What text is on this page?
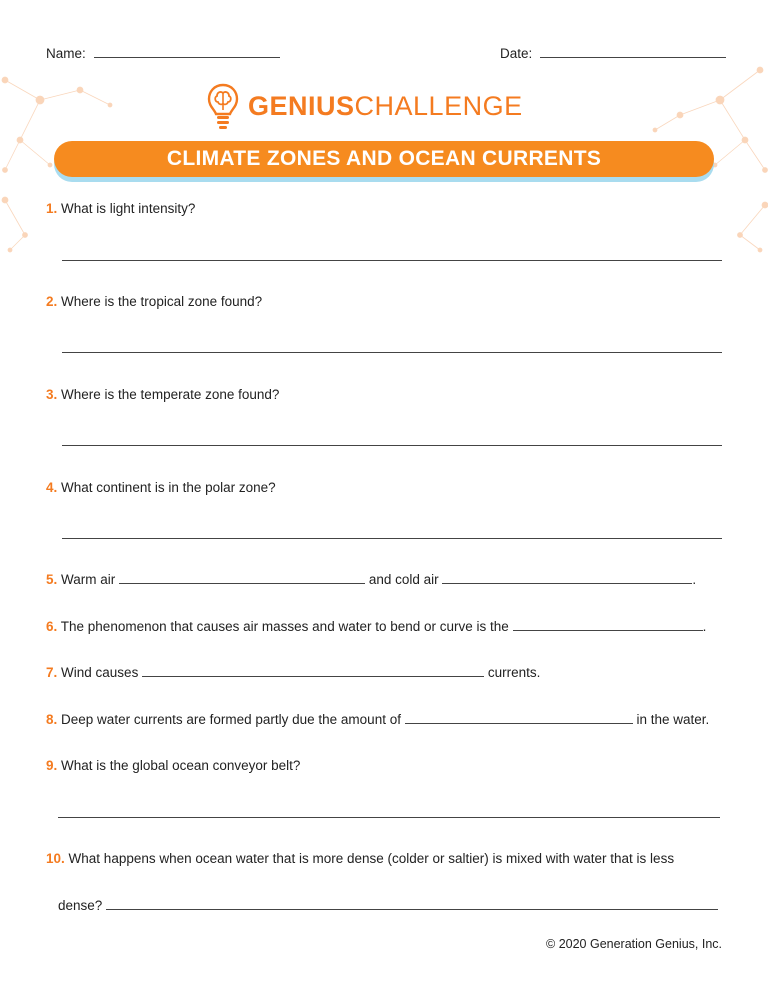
Name:	Date:
GENIUSCHALLENGE
CLIMATE ZONES AND OCEAN CURRENTS
1. What is light intensity?
2. Where is the tropical zone found?
3. Where is the temperate zone found?
4. What continent is in the polar zone?
5. Warm air	and cold air	.
6. The phenomenon that causes air masses and water to bend or curve is the	.
7. Wind causes	currents.
8. Deep water currents are formed partly due the amount of	in the water.
9. What is the global ocean conveyor belt?
10. What happens when ocean water that is more dense (colder or saltier) is mixed with water that is less
dense?
© 2020 Generation Genius, Inc.
